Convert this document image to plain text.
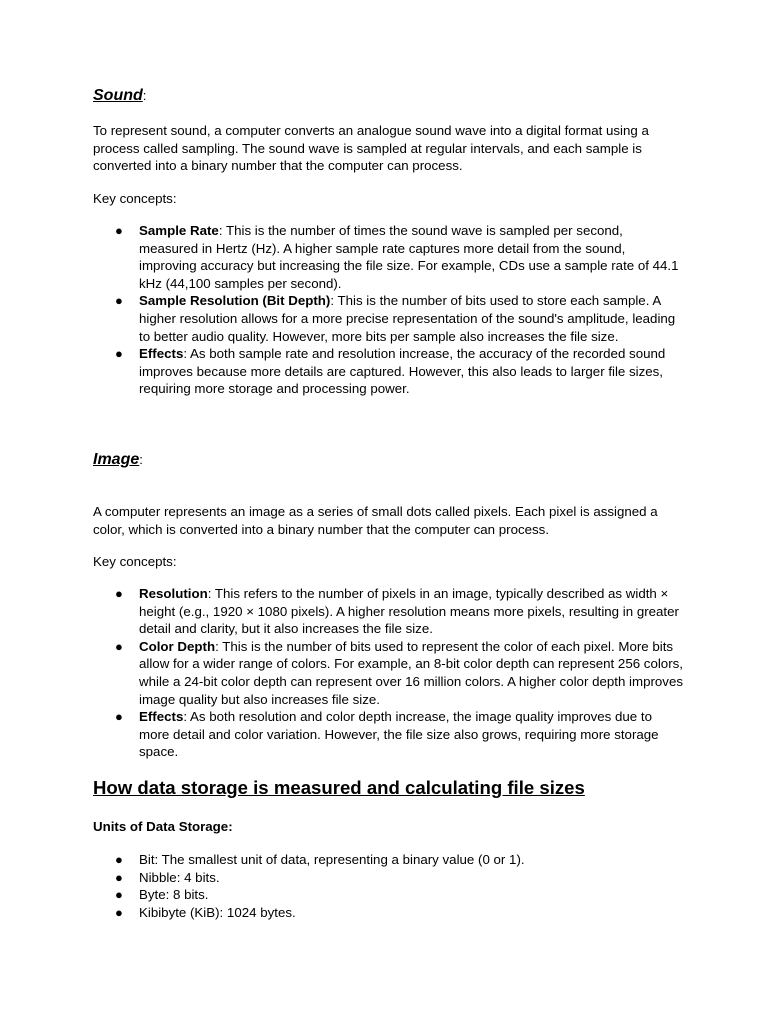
Sound:

To represent sound, a computer converts an analogue sound wave into a digital format using a process called sampling. The sound wave is sampled at regular intervals, and each sample is converted into a binary number that the computer can process.

Key concepts:

● Sample Rate: This is the number of times the sound wave is sampled per second, measured in Hertz (Hz). A higher sample rate captures more detail from the sound, improving accuracy but increasing the file size. For example, CDs use a sample rate of 44.1 kHz (44,100 samples per second).
● Sample Resolution (Bit Depth): This is the number of bits used to store each sample. A higher resolution allows for a more precise representation of the sound's amplitude, leading to better audio quality. However, more bits per sample also increases the file size.
● Effects: As both sample rate and resolution increase, the accuracy of the recorded sound improves because more details are captured. However, this also leads to larger file sizes, requiring more storage and processing power.
Image:

A computer represents an image as a series of small dots called pixels. Each pixel is assigned a color, which is converted into a binary number that the computer can process.

Key concepts:

● Resolution: This refers to the number of pixels in an image, typically described as width × height (e.g., 1920 × 1080 pixels). A higher resolution means more pixels, resulting in greater detail and clarity, but it also increases the file size.
● Color Depth: This is the number of bits used to represent the color of each pixel. More bits allow for a wider range of colors. For example, an 8-bit color depth can represent 256 colors, while a 24-bit color depth can represent over 16 million colors. A higher color depth improves image quality but also increases file size.
● Effects: As both resolution and color depth increase, the image quality improves due to more detail and color variation. However, the file size also grows, requiring more storage space.
How data storage is measured and calculating file sizes
Units of Data Storage:
● Bit: The smallest unit of data, representing a binary value (0 or 1).
● Nibble: 4 bits.
● Byte: 8 bits.
● Kibibyte (KiB): 1024 bytes.
